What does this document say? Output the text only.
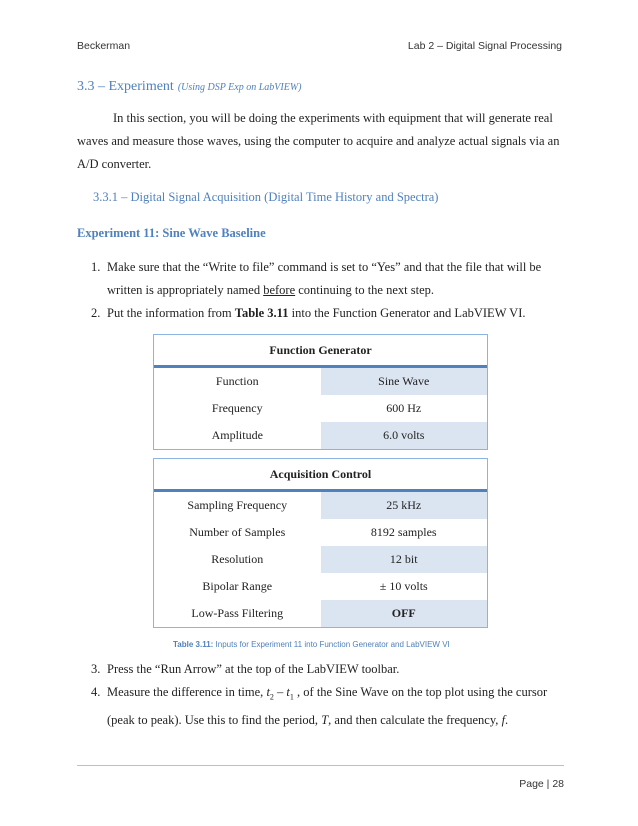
Beckerman	Lab 2 – Digital Signal Processing
3.3 – Experiment (Using DSP Exp on LabVIEW)
In this section, you will be doing the experiments with equipment that will generate real
waves and measure those waves, using the computer to acquire and analyze actual signals via an
A/D converter.
3.3.1 – Digital Signal Acquisition (Digital Time History and Spectra)
Experiment 11: Sine Wave Baseline
1. Make sure that the “Write to file” command is set to “Yes” and that the file that will be
written is appropriately named before continuing to the next step.
2. Put the information from Table 3.11 into the Function Generator and LabVIEW VI.
Function Generator	
Function	Sine Wave
Frequency	600 Hz
Amplitude	6.0 volts
Acquisition Control	
Sampling Frequency	25 kHz
Number of Samples	8192 samples
Resolution	12 bit
Bipolar Range	± 10 volts
Low-Pass Filtering	OFF
Table 3.11: Inputs for Experiment 11 into Function Generator and LabVIEW VI
3. Press the “Run Arrow” at the top of the LabVIEW toolbar.
4. Measure the difference in time, $t_2 - t_1$ , of the Sine Wave on the top plot using the cursor
(peak to peak). Use this to find the period, T, and then calculate the frequency, f.
Page | 28
